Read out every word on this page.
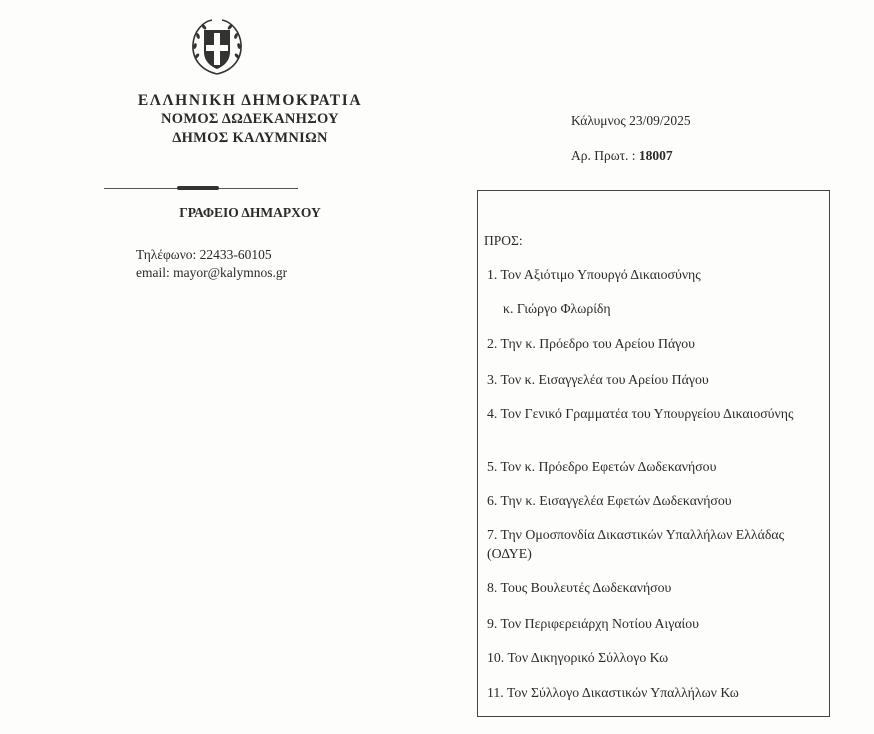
ΕΛΛΗΝΙΚΗ ΔΗΜΟΚΡΑΤΙΑ
ΝΟΜΟΣ ΔΩΔΕΚΑΝΗΣΟΥ
ΔΗΜΟΣ ΚΑΛΥΜΝΙΩΝ
ΓΡΑΦΕΙΟ ΔΗΜΑΡΧΟΥ
Τηλέφωνο: 22433-60105
email: mayor@kalymnos.gr
Κάλυμνος 23/09/2025
Αρ. Πρωτ. : 18007
ΠΡΟΣ:
1. Τον Αξιότιμο Υπουργό Δικαιοσύνης
κ. Γιώργο Φλωρίδη
2. Την κ. Πρόεδρο του Αρείου Πάγου
3. Τον κ. Εισαγγελέα του Αρείου Πάγου
4. Τον Γενικό Γραμματέα του Υπουργείου Δικαιοσύνης
5. Τον κ. Πρόεδρο Εφετών Δωδεκανήσου
6. Την κ. Εισαγγελέα Εφετών Δωδεκανήσου
7. Την Ομοσπονδία Δικαστικών Υπαλλήλων Ελλάδας (ΟΔΥΕ)
8. Τους Βουλευτές Δωδεκανήσου
9. Τον Περιφερειάρχη Νοτίου Αιγαίου
10. Τον Δικηγορικό Σύλλογο Κω
11. Τον Σύλλογο Δικαστικών Υπαλλήλων Κω
